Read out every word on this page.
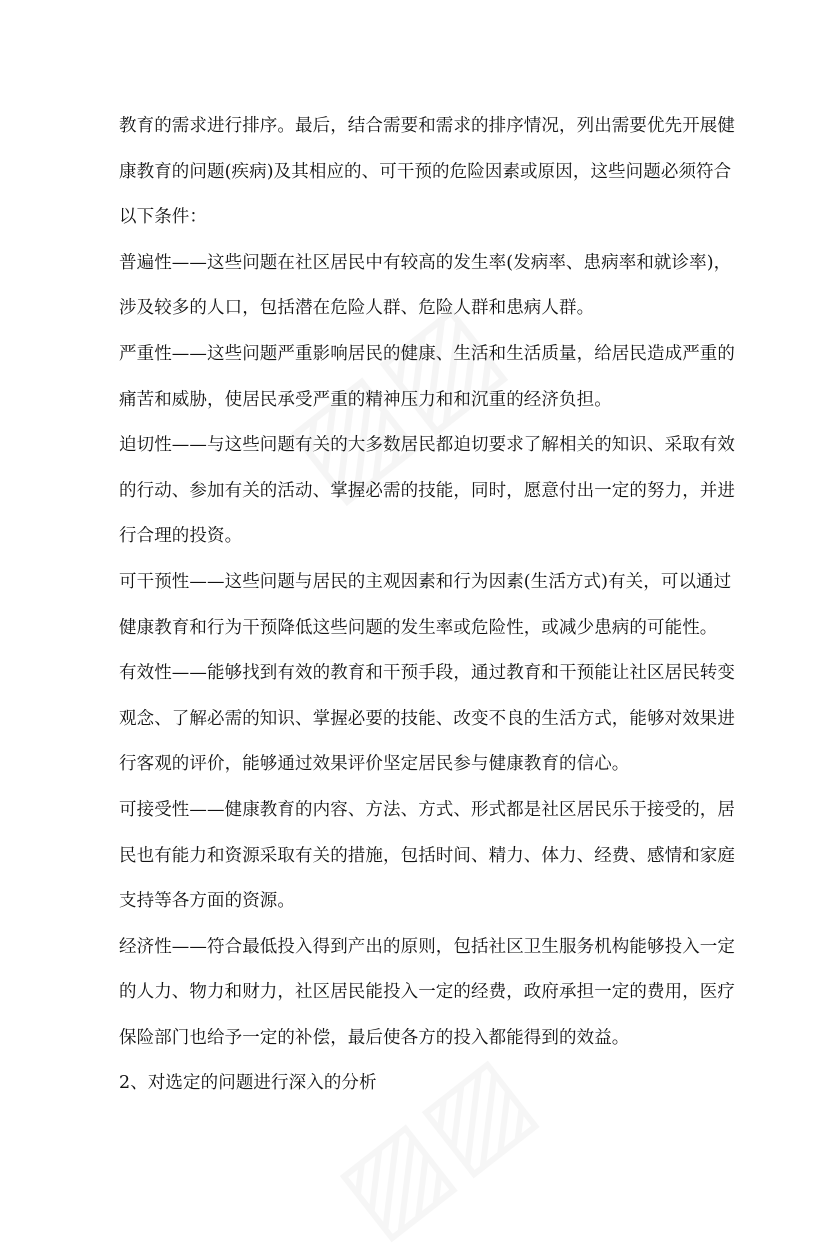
教育的需求进行排序。最后，结合需要和需求的排序情况，列出需要优先开展健
康教育的问题(疾病)及其相应的、可干预的危险因素或原因，这些问题必须符合
以下条件：
普遍性——这些问题在社区居民中有较高的发生率(发病率、患病率和就诊率)，
涉及较多的人口，包括潜在危险人群、危险人群和患病人群。
严重性——这些问题严重影响居民的健康、生活和生活质量，给居民造成严重的
痛苦和威胁，使居民承受严重的精神压力和和沉重的经济负担。
迫切性——与这些问题有关的大多数居民都迫切要求了解相关的知识、采取有效
的行动、参加有关的活动、掌握必需的技能，同时，愿意付出一定的努力，并进
行合理的投资。
可干预性——这些问题与居民的主观因素和行为因素(生活方式)有关，可以通过
健康教育和行为干预降低这些问题的发生率或危险性，或减少患病的可能性。
有效性——能够找到有效的教育和干预手段，通过教育和干预能让社区居民转变
观念、了解必需的知识、掌握必要的技能、改变不良的生活方式，能够对效果进
行客观的评价，能够通过效果评价坚定居民参与健康教育的信心。
可接受性——健康教育的内容、方法、方式、形式都是社区居民乐于接受的，居
民也有能力和资源采取有关的措施，包括时间、精力、体力、经费、感情和家庭
支持等各方面的资源。
经济性——符合最低投入得到产出的原则，包括社区卫生服务机构能够投入一定
的人力、物力和财力，社区居民能投入一定的经费，政府承担一定的费用，医疗
保险部门也给予一定的补偿，最后使各方的投入都能得到的效益。
2、对选定的问题进行深入的分析
